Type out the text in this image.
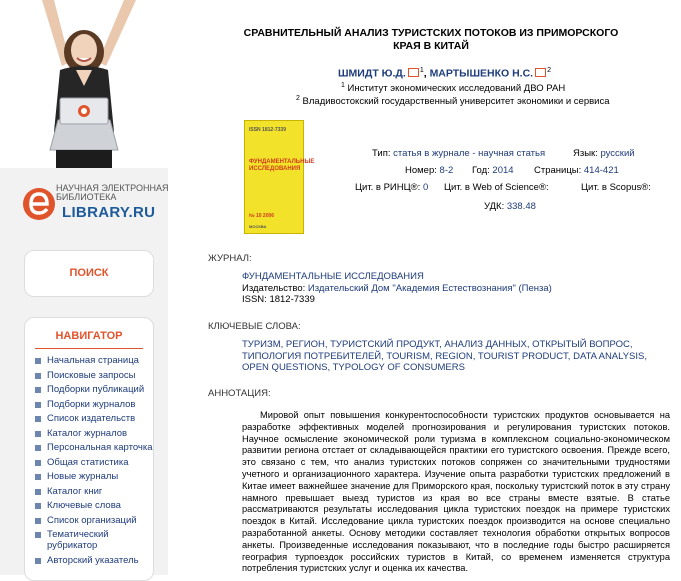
НАУЧНАЯ ЭЛЕКТРОННАЯ
БИБЛИОТЕКА
LIBRARY.RU
ПОИСК
НАВИГАТОР
Начальная страница
Поисковые запросы
Подборки публикаций
Подборки журналов
Список издательств
Каталог журналов
Персональная карточка
Общая статистика
Новые журналы
Каталог книг
Ключевые слова
Список организаций
Тематический рубрикатор
Авторский указатель
СРАВНИТЕЛЬНЫЙ АНАЛИЗ ТУРИСТСКИХ ПОТОКОВ ИЗ ПРИМОРСКОГО КРАЯ В КИТАЙ
ШМИДТ Ю.Д. $^1$, МАРТЫШЕНКО Н.С. $^2$
$^1$ Институт экономических исследований ДВО РАН
$^2$ Владивостокский государственный университет экономики и сервиса
ISSN 1812-7339
ФУНДАМЕНТАЛЬНЫЕ ИССЛЕДОВАНИЯ
№ 10 2006
МОСКВА
Тип: статья в журнале - научная статья	Язык: русский
Номер: 8-2 Год: 2014 Страницы: 414-421
Цит. в РИНЦ®: 0 Цит. в Web of Science®:	Цит. в Scopus®:
УДК: 338.48
ЖУРНАЛ:
ФУНДАМЕНТАЛЬНЫЕ ИССЛЕДОВАНИЯ
Издательство: Издательский Дом "Академия Естествознания" (Пенза)
ISSN: 1812-7339
КЛЮЧЕВЫЕ СЛОВА:
ТУРИЗМ, РЕГИОН, ТУРИСТСКИЙ ПРОДУКТ, АНАЛИЗ ДАННЫХ, ОТКРЫТЫЙ ВОПРОС,
ТИПОЛОГИЯ ПОТРЕБИТЕЛЕЙ, TOURISM, REGION, TOURIST PRODUCT, DATA ANALYSIS,
OPEN QUESTIONS, TYPOLOGY OF CONSUMERS
АННОТАЦИЯ:
Мировой опыт повышения конкурентоспособности туристских продуктов основывается на разработке эффективных моделей прогнозирования и регулирования туристских потоков. Научное осмысление экономической роли туризма в комплексном социально-экономическом развитии региона отстает от складывающейся практики его туристского освоения. Прежде всего, это связано с тем, что анализ туристских потоков сопряжен со значительными трудностями учетного и организационного характера. Изучение опыта разработки туристских предложений в Китае имеет важнейшее значение для Приморского края, поскольку туристский поток в эту страну намного превышает выезд туристов из края во все страны вместе взятые. В статье рассматриваются результаты исследования цикла туристских поездок на примере туристских поездок в Китай. Исследование цикла туристских поездок производится на основе специально разработанной анкеты. Основу методики составляет технология обработки открытых вопросов анкеты. Произведенные исследования показывают, что в последние годы быстро расширяется география турпоездок российских туристов в Китай, со временем изменяется структура потребления туристских услуг и оценка их качества.
